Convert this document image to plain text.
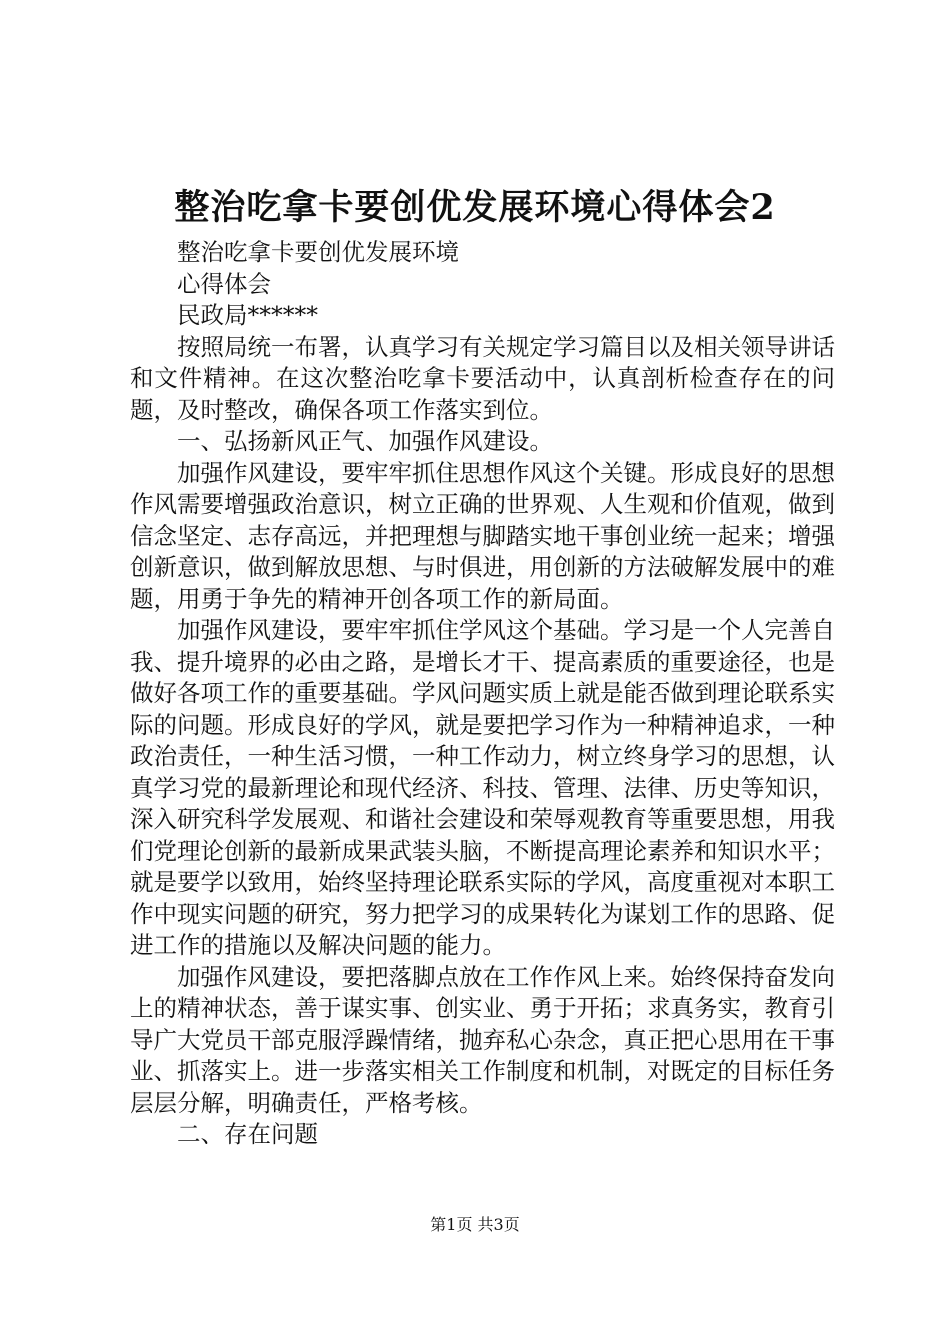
整治吃拿卡要创优发展环境心得体会2

整治吃拿卡要创优发展环境

心得体会

民政局******

按照局统一布署，认真学习有关规定学习篇目以及相关领导讲话和文件精神。在这次整治吃拿卡要活动中，认真剖析检查存在的问题，及时整改，确保各项工作落实到位。

一、弘扬新风正气、加强作风建设。

加强作风建设，要牢牢抓住思想作风这个关键。形成良好的思想作风需要增强政治意识，树立正确的世界观、人生观和价值观，做到信念坚定、志存高远，并把理想与脚踏实地干事创业统一起来；增强创新意识，做到解放思想、与时俱进，用创新的方法破解发展中的难题，用勇于争先的精神开创各项工作的新局面。

加强作风建设，要牢牢抓住学风这个基础。学习是一个人完善自我、提升境界的必由之路，是增长才干、提高素质的重要途径，也是做好各项工作的重要基础。学风问题实质上就是能否做到理论联系实际的问题。形成良好的学风，就是要把学习作为一种精神追求，一种政治责任，一种生活习惯，一种工作动力，树立终身学习的思想，认真学习党的最新理论和现代经济、科技、管理、法律、历史等知识，深入研究科学发展观、和谐社会建设和荣辱观教育等重要思想，用我们党理论创新的最新成果武装头脑，不断提高理论素养和知识水平；就是要学以致用，始终坚持理论联系实际的学风，高度重视对本职工作中现实问题的研究，努力把学习的成果转化为谋划工作的思路、促进工作的措施以及解决问题的能力。

加强作风建设，要把落脚点放在工作作风上来。始终保持奋发向上的精神状态，善于谋实事、创实业、勇于开拓；求真务实，教育引导广大党员干部克服浮躁情绪，抛弃私心杂念，真正把心思用在干事业、抓落实上。进一步落实相关工作制度和机制，对既定的目标任务层层分解，明确责任，严格考核。

二、存在问题

第1页 共3页
